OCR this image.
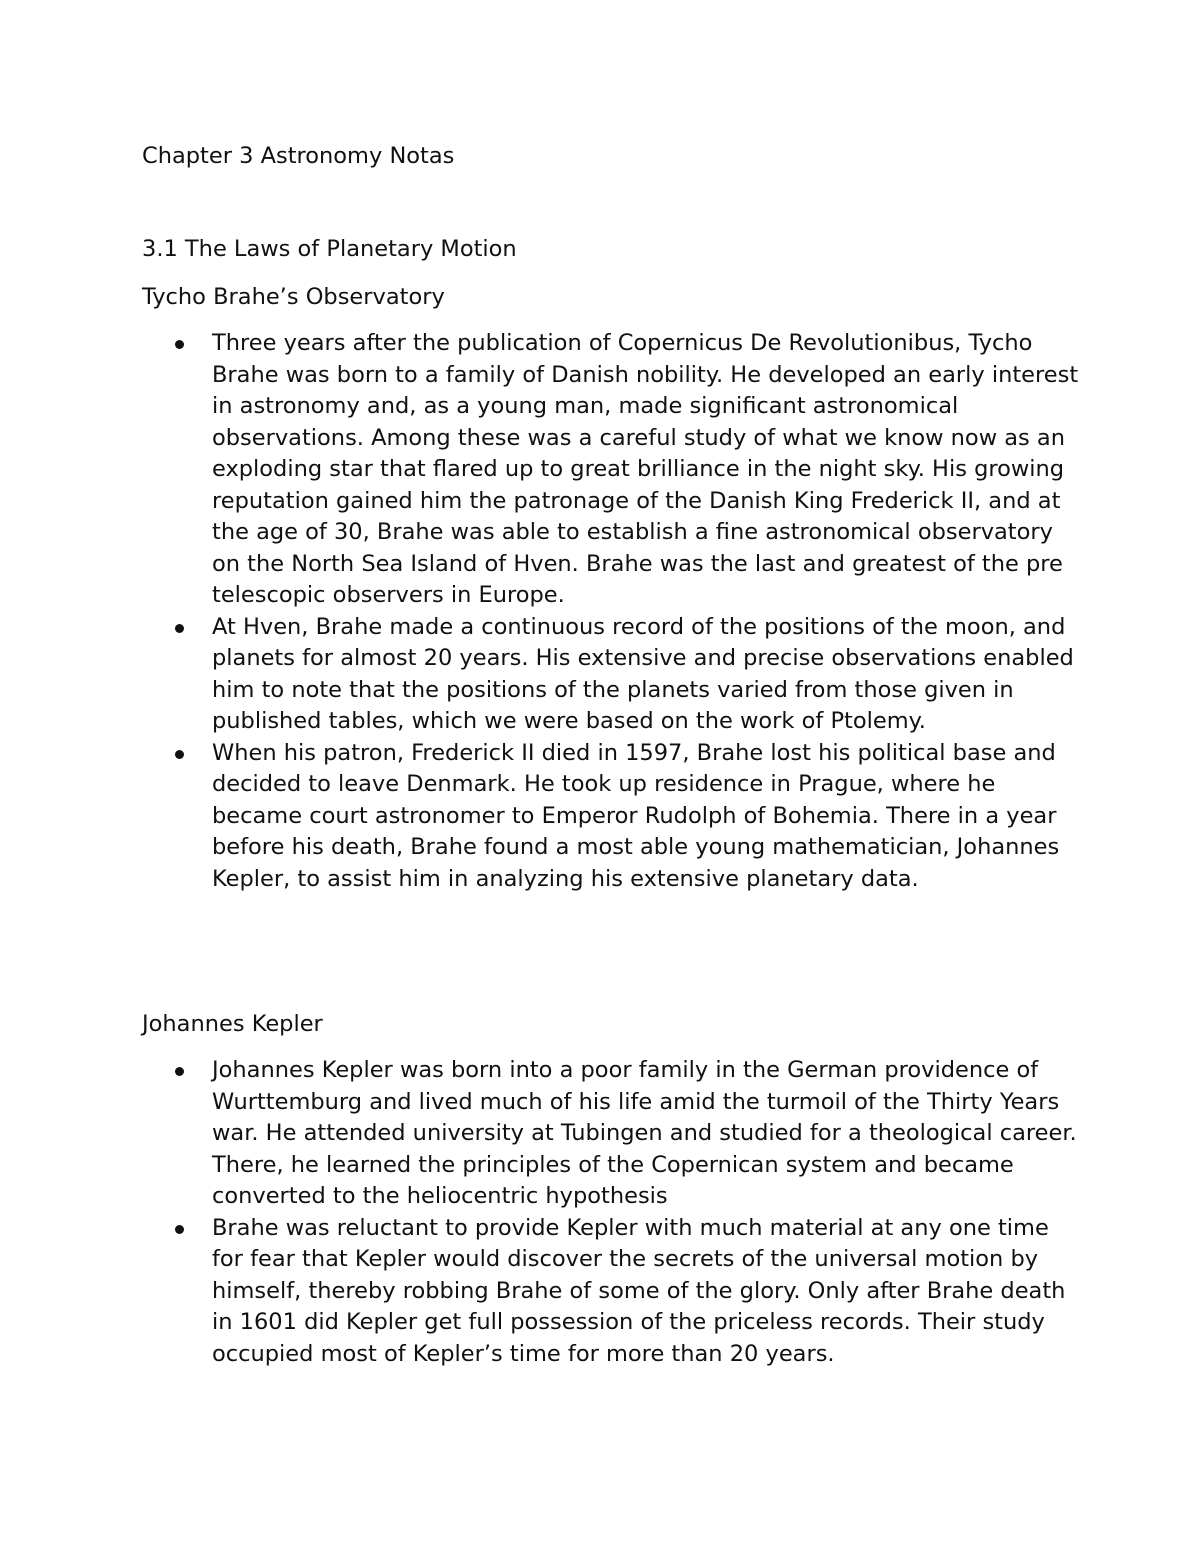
Chapter 3 Astronomy Notas
3.1 The Laws of Planetary Motion
Tycho Brahe’s Observatory
Three years after the publication of Copernicus De Revolutionibus, Tycho Brahe was born to a family of Danish nobility. He developed an early interest in astronomy and, as a young man, made significant astronomical observations. Among these was a careful study of what we know now as an exploding star that flared up to great brilliance in the night sky. His growing reputation gained him the patronage of the Danish King Frederick II, and at the age of 30, Brahe was able to establish a fine astronomical observatory on the North Sea Island of Hven. Brahe was the last and greatest of the pre telescopic observers in Europe.
At Hven, Brahe made a continuous record of the positions of the moon, and planets for almost 20 years. His extensive and precise observations enabled him to note that the positions of the planets varied from those given in published tables, which we were based on the work of Ptolemy.
When his patron, Frederick II died in 1597, Brahe lost his political base and decided to leave Denmark. He took up residence in Prague, where he became court astronomer to Emperor Rudolph of Bohemia. There in a year before his death, Brahe found a most able young mathematician, Johannes Kepler, to assist him in analyzing his extensive planetary data.
Johannes Kepler
Johannes Kepler was born into a poor family in the German providence of Wurttemburg and lived much of his life amid the turmoil of the Thirty Years war. He attended university at Tubingen and studied for a theological career. There, he learned the principles of the Copernican system and became converted to the heliocentric hypothesis
Brahe was reluctant to provide Kepler with much material at any one time for fear that Kepler would discover the secrets of the universal motion by himself, thereby robbing Brahe of some of the glory. Only after Brahe death in 1601 did Kepler get full possession of the priceless records. Their study occupied most of Kepler’s time for more than 20 years.
